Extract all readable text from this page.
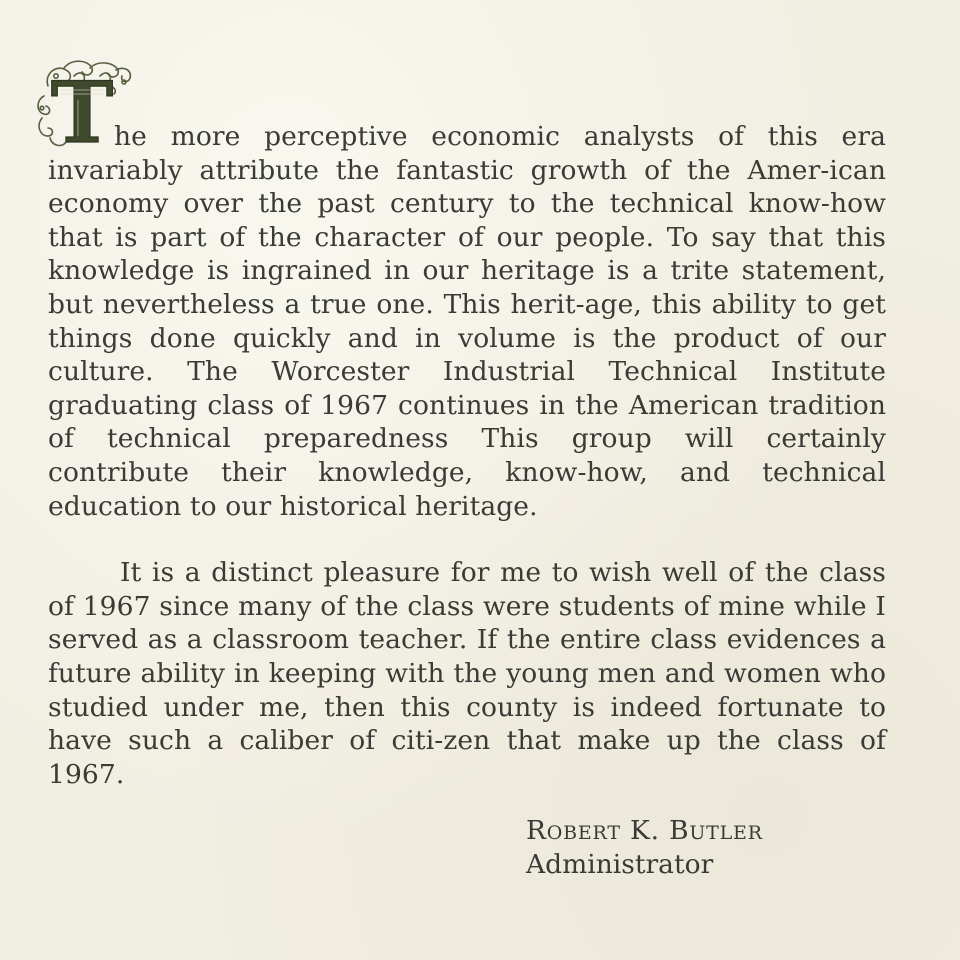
T he more perceptive economic analysts of this era invariably attribute the fantastic growth of the Amer-ican economy over the past century to the technical know-how that is part of the character of our people. To say that this knowledge is ingrained in our heritage is a trite statement, but nevertheless a true one. This herit-age, this ability to get things done quickly and in volume is the product of our culture. The Worcester Industrial Technical Institute graduating class of 1967 continues in the American tradition of technical preparedness This group will certainly contribute their knowledge, know-how, and technical education to our historical heritage.

It is a distinct pleasure for me to wish well of the class of 1967 since many of the class were students of mine while I served as a classroom teacher. If the entire class evidences a future ability in keeping with the young men and women who studied under me, then this county is indeed fortunate to have such a caliber of citi-zen that make up the class of 1967.

Robert K. Butler
Administrator
